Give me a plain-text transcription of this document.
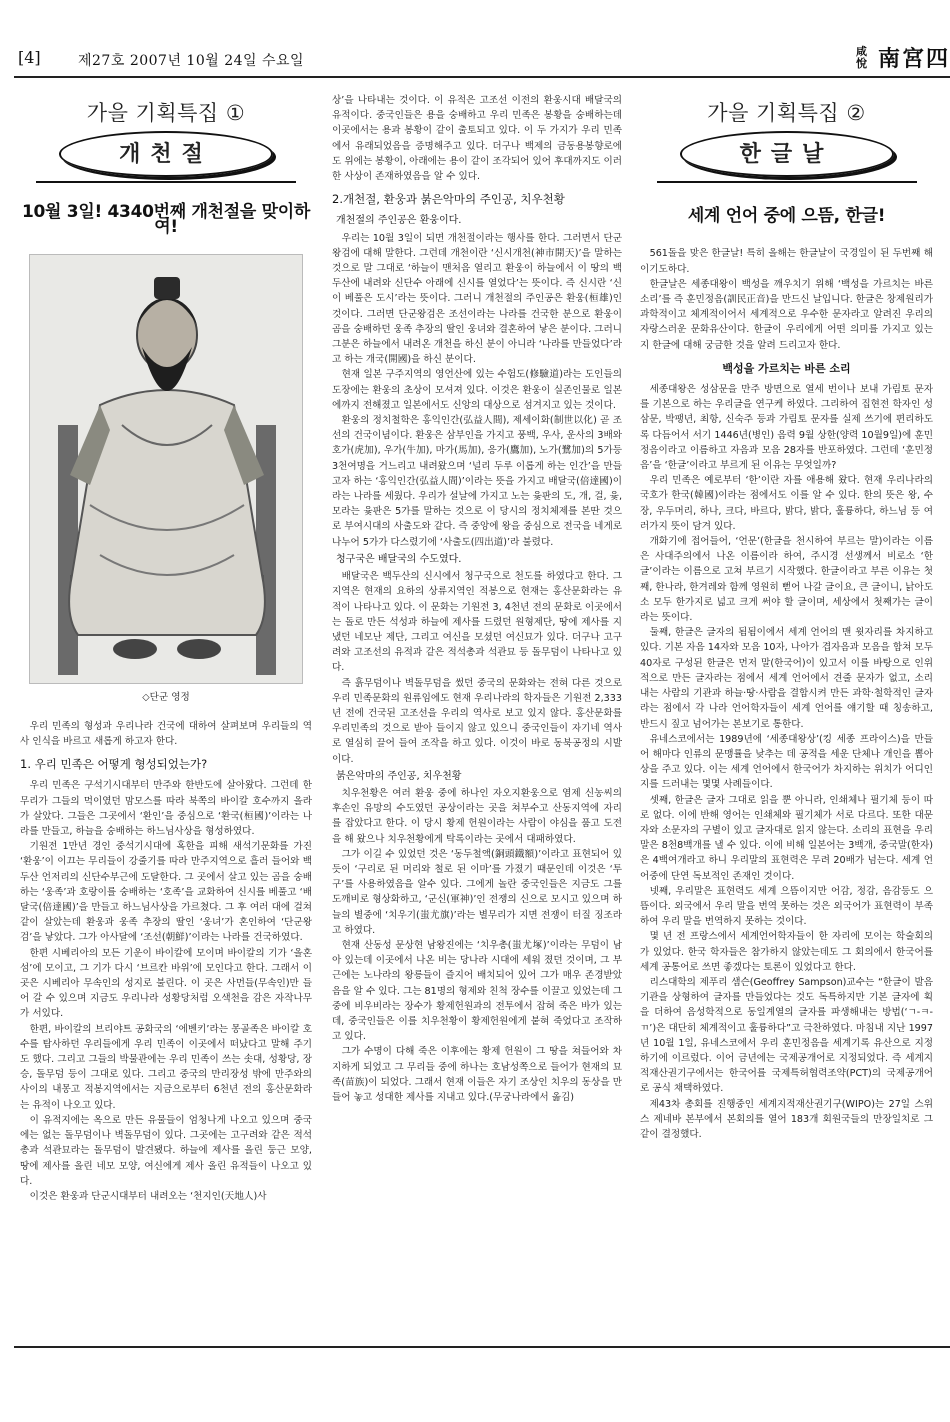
[4]	제27호 2007년 10월 24일 수요일
咸悅 南宮四
가을 기획특집 ①
개천절
10월 3일! 4340번째 개천절을 맞이하여!
◇단군 영정

우리 민족의 형성과 우리나라 건국에 대하여 살펴보며 우리들의 역사 인식을 바르고 새롭게 하고자 한다.

1. 우리 민족은 어떻게 형성되었는가?

우리 민족은 구석기시대부터 만주와 한반도에 살아왔다. 그런데 한 무리가 그들의 먹이였던 맘모스를 따라 북쪽의 바이칼 호수까지 올라가 살았다. 그들은 그곳에서 ‘환인’을 중심으로 ‘환국(桓國)’이라는 나라를 만들고, 하늘을 숭배하는 하느님사상을 형성하였다.

기원전 1만년 경인 중석기시대에 혹한을 피해 새석기문화를 가진 ‘환웅’이 이끄는 무리들이 강줄기를 따라 만주지역으로 흘러 들어와 백두산 언저리의 신단수부근에 도달한다. 그 곳에서 살고 있는 곰을 숭배하는 ‘웅족’과 호랑이를 숭배하는 ‘호족’을 교화하여 신시를 베풀고 ‘배달국(倍達國)’을 만들고 하느님사상을 가르쳤다. 그 후 여러 대에 걸쳐 같이 살았는데 환웅과 웅족 추장의 딸인 ‘웅녀’가 혼인하여 ‘단군왕검’을 낳았다. 그가 아사달에 ‘조선(朝鮮)’이라는 나라를 건국하였다.

한편 시베리아의 모든 기운이 바이칼에 모이며 바이칼의 기가 ‘올혼섬’에 모이고, 그 기가 다시 ‘브르칸 바위’에 모인다고 한다. 그래서 이 곳은 시베리아 무속인의 성지로 불린다. 이 곳은 사먼들(무속인)만 들어 갈 수 있으며 지금도 우리나라 성황당처럼 오색천을 감은 자작나무가 서있다.

한편, 바이칼의 브리야트 공화국의 ‘에벤키’라는 몽골족은 바이칼 호수를 탐사하던 우리들에게 우리 민족이 이곳에서 떠났다고 말해 주기도 했다. 그리고 그들의 박물관에는 우리 민족이 쓰는 솟대, 성황당, 장승, 돌무덤 등이 그대로 있다. 그리고 중국의 만리장성 밖에 만주와의 사이의 내몽고 적봉지역에서는 지금으로부터 6천년 전의 홍산문화라는 유적이 나오고 있다.

이 유적지에는 옥으로 만든 유물들이 엄청나게 나오고 있으며 중국에는 없는 돌무덤이나 벽돌무덤이 있다. 그곳에는 고구려와 같은 적석총과 석관묘라는 돌무덤이 발견됐다. 하늘에 제사를 올린 둥근 모양, 땅에 제사를 올린 네모 모양, 여신에게 제사 올린 유적들이 나오고 있다.

이것은 환웅과 단군시대부터 내려오는 ‘천지인(天地人)사

상’을 나타내는 것이다. 이 유적은 고조선 이전의 환웅시대 배달국의 유적이다. 중국인들은 용을 숭배하고 우리 민족은 봉황을 숭배하는데 이곳에서는 용과 봉황이 같이 출토되고 있다. 이 두 가지가 우리 민족에서 유래되었음을 증명해주고 있다. 더구나 백제의 금동용봉향로에도 위에는 봉황이, 아래에는 용이 같이 조각되어 있어 후대까지도 이러한 사상이 존재하였음을 알 수 있다.

2.개천절, 환웅과 붉은악마의 주인공, 치우천황
개천절의 주인공은 환웅이다.

우리는 10월 3일이 되면 개천절이라는 행사를 한다. 그러면서 단군왕검에 대해 말한다. 그런데 개천이란 ‘신시개천(神市開天)’을 말하는 것으로 말 그대로 ‘하늘이 맨처음 열리고 환웅이 하늘에서 이 땅의 백두산에 내려와 신단수 아래에 신시를 열었다’는 뜻이다. 즉 신시란 ‘신이 베풀은 도시’라는 뜻이다. 그러니 개천절의 주인공은 환웅(桓雄)인 것이다. 그러면 단군왕검은 조선이라는 나라를 건국한 분으로 환웅이 곰을 숭배하던 웅족 추장의 딸인 웅녀와 결혼하여 낳은 분이다. 그러니 그분은 하늘에서 내려온 개천을 하신 분이 아니라 ‘나라를 만들었다’라고 하는 개국(開國)을 하신 분이다.

현재 일본 구주지역의 영언산에 있는 수험도(修驗道)라는 도인들의 도장에는 환웅의 초상이 모셔져 있다. 이것은 환웅이 실존인물로 일본에까지 전해졌고 일본에서도 신앙의 대상으로 섬겨지고 있는 것이다.

환웅의 정치철학은 홍익인간(弘益人間), 제세이화(制世以化) 곧 조선의 건국이념이다. 환웅은 삼부인을 가지고 풍백, 우사, 운사의 3배와 호가(虎加), 우가(牛加), 마가(馬加), 응가(鷹加), 노가(鷺加)의 5가등 3천여명을 거느리고 내려왔으며 ‘널리 두루 이롭게 하는 인간’을 만들고자 하는 ‘홍익인간(弘益人間)’이라는 뜻을 가지고 배달국(倍達國)이라는 나라를 세웠다. 우리가 설날에 가지고 노는 윷판의 도, 개, 걸, 윷, 모라는 윷판은 5가를 말하는 것으로 이 당시의 정치체제를 본딴 것으로 부여시대의 사출도와 같다. 즉 중앙에 왕을 중심으로 전국을 네게로 나누어 5가가 다스렸기에 ‘사출도(四出道)’라 불렸다.

청구국은 배달국의 수도였다.

배달국은 백두산의 신시에서 청구국으로 천도를 하였다고 한다. 그 지역은 현재의 요하의 상류지역인 적봉으로 현재는 홍산문화라는 유적이 나타나고 있다. 이 문화는 기원전 3, 4천년 전의 문화로 이곳에서는 돌로 만든 석성과 하늘에 제사를 드렸던 원형제단, 땅에 제사를 지냈던 네모난 제단, 그리고 여신을 모셨던 여신묘가 있다. 더구나 고구려와 고조선의 유적과 같은 적석총과 석관묘 등 돌무덤이 나타나고 있다.

즉 흙무덤이나 벽돌무덤을 썼던 중국의 문화와는 전혀 다른 것으로 우리 민족문화의 원류임에도 현재 우리나라의 학자들은 기원전 2,333년 전에 건국된 고조선을 우리의 역사로 보고 있지 않다. 홍산문화를 우리민족의 것으로 받아 들이지 않고 있으니 중국인들이 자기네 역사로 열심히 끌어 들여 조작을 하고 있다. 이것이 바로 동북공정의 시발이다.

붉은악마의 주인공, 치우천황

치우천황은 여러 환웅 중에 하나인 자오지환웅으로 염제 신농씨의 후손인 유망의 수도였던 공상이라는 곳을 쳐부수고 산동지역에 자리를 잡았다고 한다. 이 당시 황제 헌원이라는 사람이 야심을 품고 도전을 해 왔으나 치우천황에게 탁록이라는 곳에서 대패하였다.

그가 이길 수 있었던 것은 ‘동두철액(銅頭鐵額)’이라고 표현되어 있듯이 ‘구리로 된 머리와 철로 된 이마’를 가졌기 때문인데 이것은 ‘투구’를 사용하였음을 알수 있다. 그에게 놀란 중국인들은 지금도 그를 도깨비로 형상화하고, ‘군신(軍神)’인 전쟁의 신으로 모시고 있으며 하늘의 별중에 ‘치우기(蚩尤旗)’라는 별무리가 지면 전쟁이 터질 징조라고 하였다.

현재 산동성 문상현 남왕진에는 ‘치우총(蚩尤塚)’이라는 무덤이 남아 있는데 이곳에서 나온 비는 당나라 시대에 세워 졌던 것이며, 그 부근에는 노나라의 왕릉들이 즐지어 배치되어 있어 그가 매우 존경받았음을 알 수 있다. 그는 81명의 형제와 친척 장수를 이끌고 있었는데 그중에 비우비라는 장수가 황제헌원과의 전투에서 잡혀 죽은 바가 있는데, 중국인들은 이를 치우천황이 황제헌원에게 붙혀 죽었다고 조작하고 있다.

그가 수명이 다해 죽은 이후에는 황제 헌원이 그 땅을 쳐들어와 차지하게 되었고 그 무리들 중에 하나는 호남성쪽으로 들어가 현재의 묘족(苗族)이 되었다. 그래서 현재 이들은 자기 조상인 치우의 동상을 만들어 놓고 성대한 제사를 지내고 있다.(무궁나라에서 옮김)

가을 기획특집 ②
한글날
세계 언어 중에 으뜸, 한글!

561돌을 맞은 한글날! 특히 올해는 한글날이 국경일이 된 두번째 해이기도하다.

한글날은 세종대왕이 백성을 깨우치기 위해 ‘백성을 가르치는 바른 소리’를 즉 훈민정음(訓民正音)을 만드신 날입니다. 한글은 창제원리가 과학적이고 체계적이어서 세계적으로 우수한 문자라고 알려진 우리의 자랑스러운 문화유산이다. 한글이 우리에게 어떤 의미를 가지고 있는지 한글에 대해 궁금한 것을 알려 드리고자 한다.

백성을 가르치는 바른 소리

세종대왕은 성삼문을 만주 방면으로 열세 번이나 보내 가림토 문자를 기본으로 하는 우리글을 연구케 하였다. 그리하여 집현전 학자인 성삼문, 박팽년, 최항, 신숙주 등과 가림토 문자를 실제 쓰기에 편리하도록 다듬어서 서기 1446년(병인) 음력 9월 상한(양력 10월9일)에 훈민정음이라고 이름하고 자음과 모음 28자를 반포하였다. 그런데 ‘훈민정음’을 ‘한글’이라고 부르게 된 이유는 무엇일까?

우리 민족은 예로부터 ‘한’이란 자를 애용해 왔다. 현재 우리나라의 국호가 한국(韓國)이라는 점에서도 이를 알 수 있다. 한의 뜻은 왕, 수장, 우두머리, 하나, 크다, 바르다, 밝다, 밝다, 훌륭하다, 하느님 등 여러가지 뜻이 담겨 있다.

개화기에 접어들어, ‘언문’(한글을 천시하여 부르는 말)이라는 이름은 사대주의에서 나온 이름이라 하여, 주시경 선생께서 비로소 ‘한글’이라는 이름으로 고쳐 부르기 시작했다. 한글이라고 부른 이유는 첫째, 한나라, 한겨레와 함께 영원히 뻗어 나갈 글이요, 큰 글이니, 낡아도소 모두 한가지로 넓고 크게 써야 할 글이며, 세상에서 첫째가는 글이라는 뜻이다.

둘째, 한글은 글자의 됨됨이에서 세계 언어의 맨 윗자리를 차지하고 있다. 기본 자음 14자와 모음 10자, 나아가 겹자음과 모음을 합쳐 모두 40자로 구성된 한글은 먼저 말(한국어)이 있고서 이를 바탕으로 인위적으로 만든 글자라는 점에서 세계 언어에서 견줄 문자가 없고, 소리 내는 사람의 기관과 하늘·땅·사람을 결합시켜 만든 과학·철학적인 글자라는 점에서 각 나라 언어학자들이 세계 언어를 얘기할 때 칭송하고, 반드시 짚고 넘어가는 본보기로 통한다.

유네스코에서는 1989년에 ‘세종대왕상’(킹 세종 프라이스)을 만들어 해마다 인류의 문맹률을 낮추는 데 공적을 세운 단체나 개인을 뽑아 상을 주고 있다. 이는 세계 언어에서 한국어가 차지하는 위치가 어디인지를 드러내는 몇몇 사례들이다.

셋째, 한글은 글자 그대로 읽을 뿐 아니라, 인쇄체나 필기체 등이 따로 없다. 이에 반해 영어는 인쇄체와 필기체가 서로 다르다. 또한 대문자와 소문자의 구별이 있고 글자대로 읽지 않는다. 소리의 표현을 우리말은 8천8백개를 낼 수 있다. 이에 비해 일본어는 3백개, 중국말(한자)은 4백여개라고 하니 우리말의 표현력은 무려 20배가 넘는다. 세계 언어중에 단연 독보적인 존재인 것이다.

넷째, 우리말은 표현력도 세계 으뜸이지만 어감, 정감, 음감등도 으뜸이다. 외국에서 우리 말을 번역 못하는 것은 외국어가 표현력이 부족하여 우리 말을 번역하지 못하는 것이다.

몇 년 전 프랑스에서 세계언어학자들이 한 자리에 모이는 학술회의가 있었다. 한국 학자들은 참가하지 않았는데도 그 회의에서 한국어를 세계 공통어로 쓰면 좋겠다는 토론이 있었다고 한다.

리스대학의 제푸리 샘슨(Geoffrey Sampson)교수는 “한글이 발음기관을 상형하여 글자를 만들었다는 것도 독특하지만 기본 글자에 획을 더하여 음성학적으로 동일계열의 글자를 파생해내는 방법(‘ㄱ-ㅋ-ㄲ’)은 대단히 체계적이고 훌륭하다”고 극찬하였다. 마침내 지난 1997년 10월 1일, 유네스코에서 우리 훈민정음을 세계기록 유산으로 지정하기에 이르렀다. 이어 금년에는 국제공개어로 지정되었다. 즉 세계지적재산권기구에서는 한국어를 국제특허협력조약(PCT)의 국제공개어로 공식 채택하였다.

제43차 총회를 진행중인 세계지적재산권기구(WIPO)는 27일 스위스 제네바 본부에서 본회의를 열어 183개 회원국들의 만장일치로 그 같이 결정했다.
